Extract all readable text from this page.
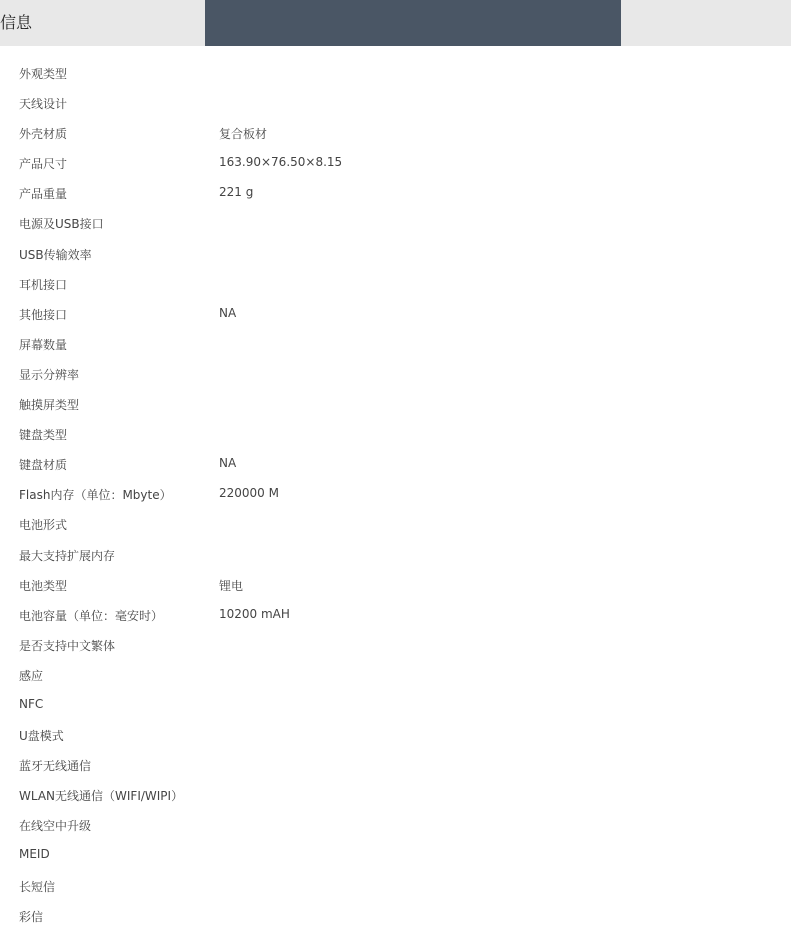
信息
外观类型
天线设计
外壳材质	复合板材
产品尺寸	163.90×76.50×8.15
产品重量	221 g
电源及USB接口
USB传输效率
耳机接口
其他接口	NA
屏幕数量
显示分辨率
触摸屏类型
键盘类型
键盘材质	NA
Flash内存（单位：Mbyte）	220000 M
电池形式
最大支持扩展内存
电池类型	锂电
电池容量（单位：毫安时）	10200 mAH
是否支持中文繁体
感应
NFC
U盘模式
蓝牙无线通信
WLAN无线通信（WIFI/WIPI）
在线空中升级
MEID
长短信
彩信
